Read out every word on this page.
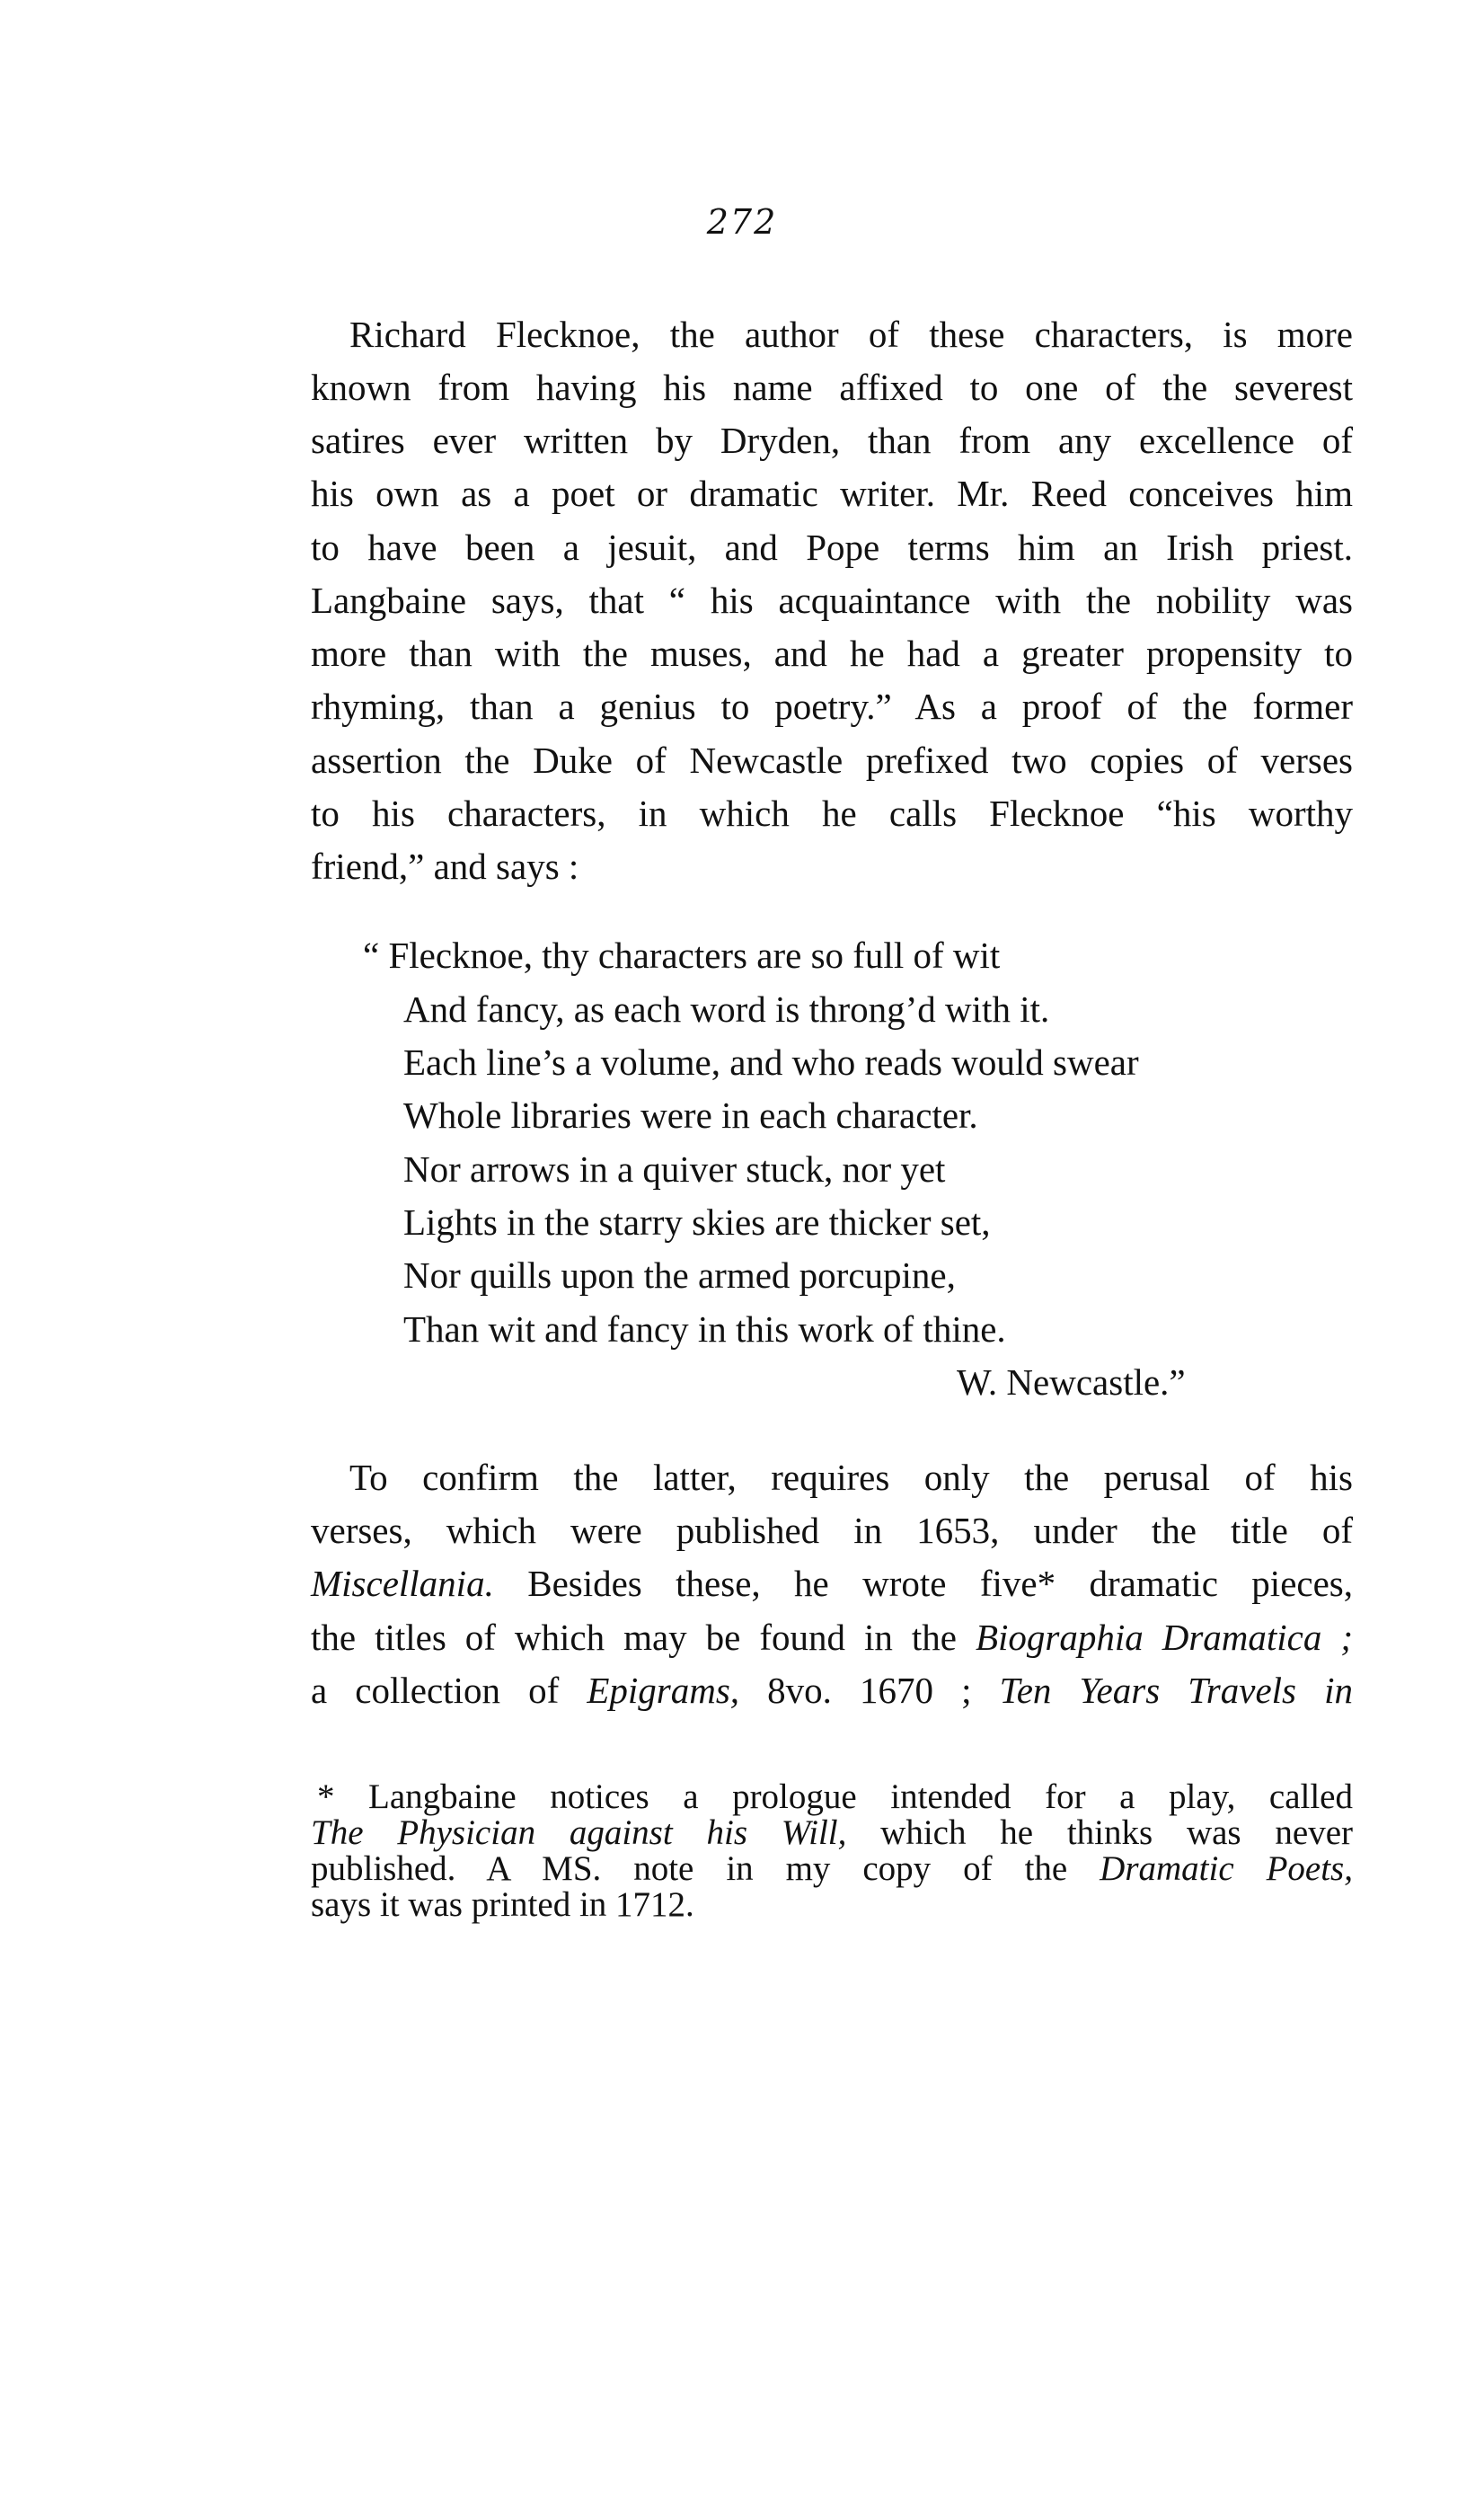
272

Richard Flecknoe, the author of these characters, is more

known from having his name affixed to one of the severest

satires ever written by Dryden, than from any excellence of

his own as a poet or dramatic writer. Mr. Reed conceives him

to have been a jesuit, and Pope terms him an Irish priest.

Langbaine says, that “ his acquaintance with the nobility was

more than with the muses, and he had a greater propensity to

rhyming, than a genius to poetry.” As a proof of the former

assertion the Duke of Newcastle prefixed two copies of verses

to his characters, in which he calls Flecknoe “his worthy

friend,” and says :

“ Flecknoe, thy characters are so full of wit

And fancy, as each word is throng’d with it.

Each line’s a volume, and who reads would swear

Whole libraries were in each character.

Nor arrows in a quiver stuck, nor yet

Lights in the starry skies are thicker set,

Nor quills upon the armed porcupine,

Than wit and fancy in this work of thine.

W. Newcastle.”

To confirm the latter, requires only the perusal of his

verses, which were published in 1653, under the title of

Miscellania. Besides these, he wrote five* dramatic pieces,

the titles of which may be found in the Biographia Dramatica ;

a collection of Epigrams, 8vo. 1670 ; Ten Years Travels in

* Langbaine notices a prologue intended for a play, called

The Physician against his Will, which he thinks was never

published. A MS. note in my copy of the Dramatic Poets,

says it was printed in 1712.
